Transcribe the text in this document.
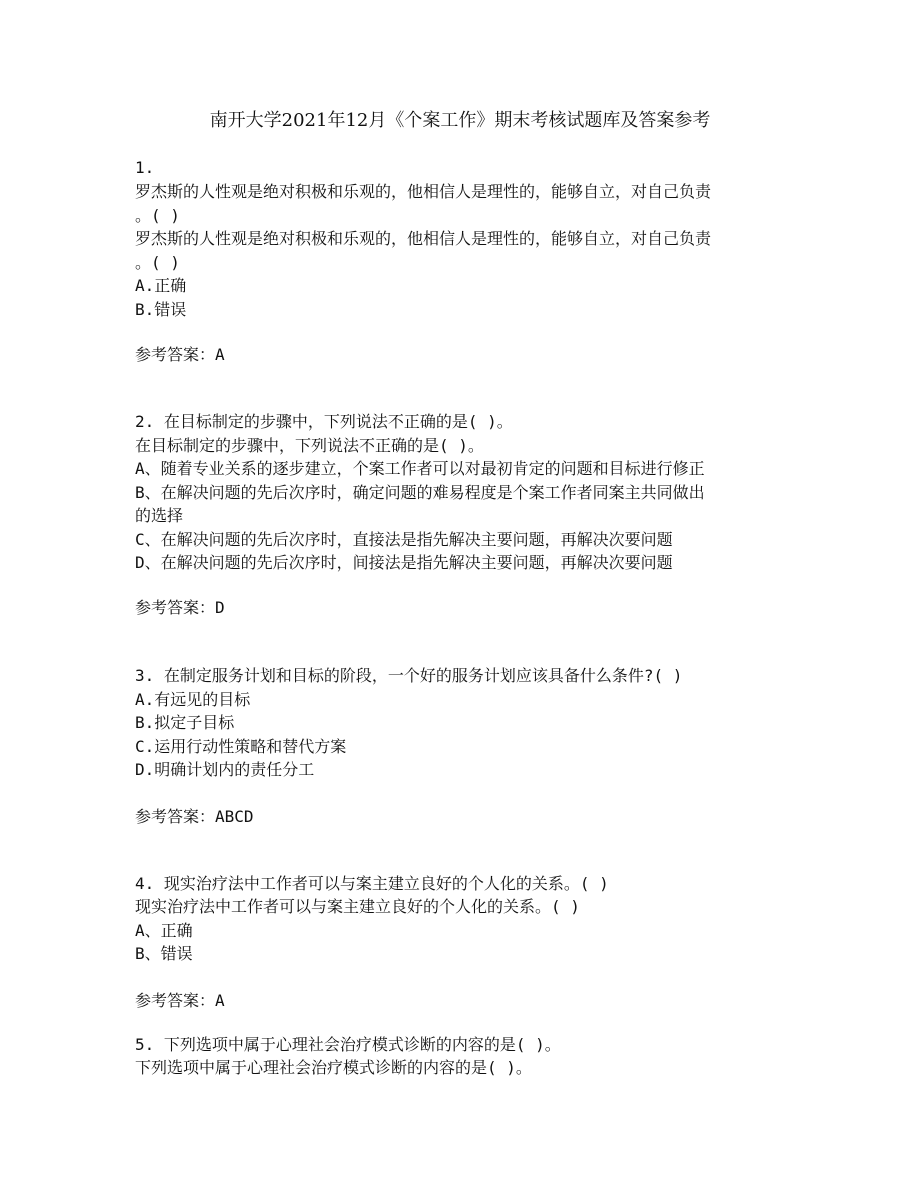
南开大学2021年12月《个案工作》期末考核试题库及答案参考
1.
罗杰斯的人性观是绝对积极和乐观的，他相信人是理性的，能够自立，对自己负责
。( )
罗杰斯的人性观是绝对积极和乐观的，他相信人是理性的，能够自立，对自己负责
。( )
A.正确
B.错误
参考答案：A
2. 在目标制定的步骤中，下列说法不正确的是( )。
在目标制定的步骤中，下列说法不正确的是( )。
A、随着专业关系的逐步建立，个案工作者可以对最初肯定的问题和目标进行修正
B、在解决问题的先后次序时，确定问题的难易程度是个案工作者同案主共同做出
的选择
C、在解决问题的先后次序时，直接法是指先解决主要问题，再解决次要问题
D、在解决问题的先后次序时，间接法是指先解决主要问题，再解决次要问题
参考答案：D
3. 在制定服务计划和目标的阶段，一个好的服务计划应该具备什么条件?( )
A.有远见的目标
B.拟定子目标
C.运用行动性策略和替代方案
D.明确计划内的责任分工
参考答案：ABCD
4. 现实治疗法中工作者可以与案主建立良好的个人化的关系。( )
现实治疗法中工作者可以与案主建立良好的个人化的关系。( )
A、正确
B、错误
参考答案：A
5. 下列选项中属于心理社会治疗模式诊断的内容的是( )。
下列选项中属于心理社会治疗模式诊断的内容的是( )。
